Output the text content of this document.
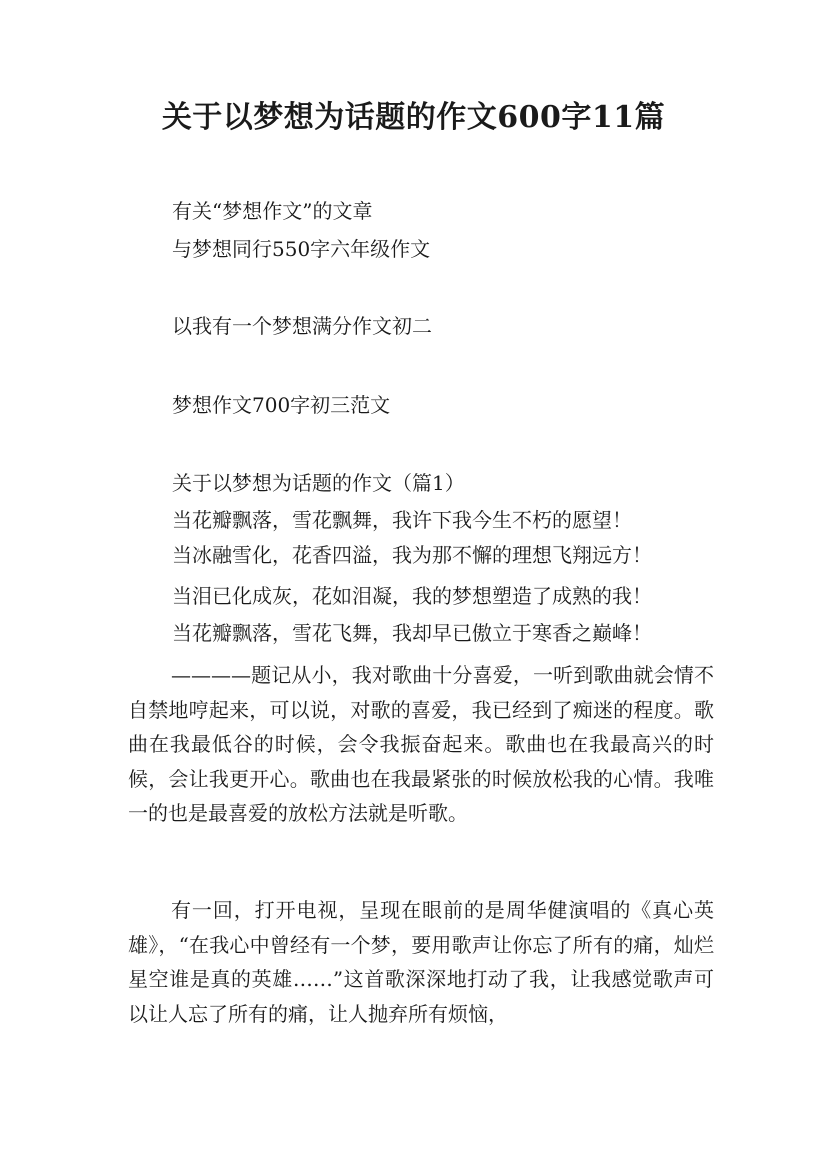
关于以梦想为话题的作文600字11篇
有关“梦想作文”的文章
与梦想同行550字六年级作文
以我有一个梦想满分作文初二
梦想作文700字初三范文
关于以梦想为话题的作文（篇1）
当花瓣飘落，雪花飘舞，我许下我今生不朽的愿望！
当冰融雪化，花香四溢，我为那不懈的理想飞翔远方！
当泪已化成灰，花如泪凝，我的梦想塑造了成熟的我！
当花瓣飘落，雪花飞舞，我却早已傲立于寒香之巅峰！

————题记从小，我对歌曲十分喜爱，一听到歌曲就会情不自禁地哼起来，可以说，对歌的喜爱，我已经到了痴迷的程度。歌曲在我最低谷的时候，会令我振奋起来。歌曲也在我最高兴的时候，会让我更开心。歌曲也在我最紧张的时候放松我的心情。我唯一的也是最喜爱的放松方法就是听歌。

有一回，打开电视，呈现在眼前的是周华健演唱的《真心英雄》，“在我心中曾经有一个梦，要用歌声让你忘了所有的痛，灿烂星空谁是真的英雄……”这首歌深深地打动了我，让我感觉歌声可以让人忘了所有的痛，让人抛弃所有烦恼，
